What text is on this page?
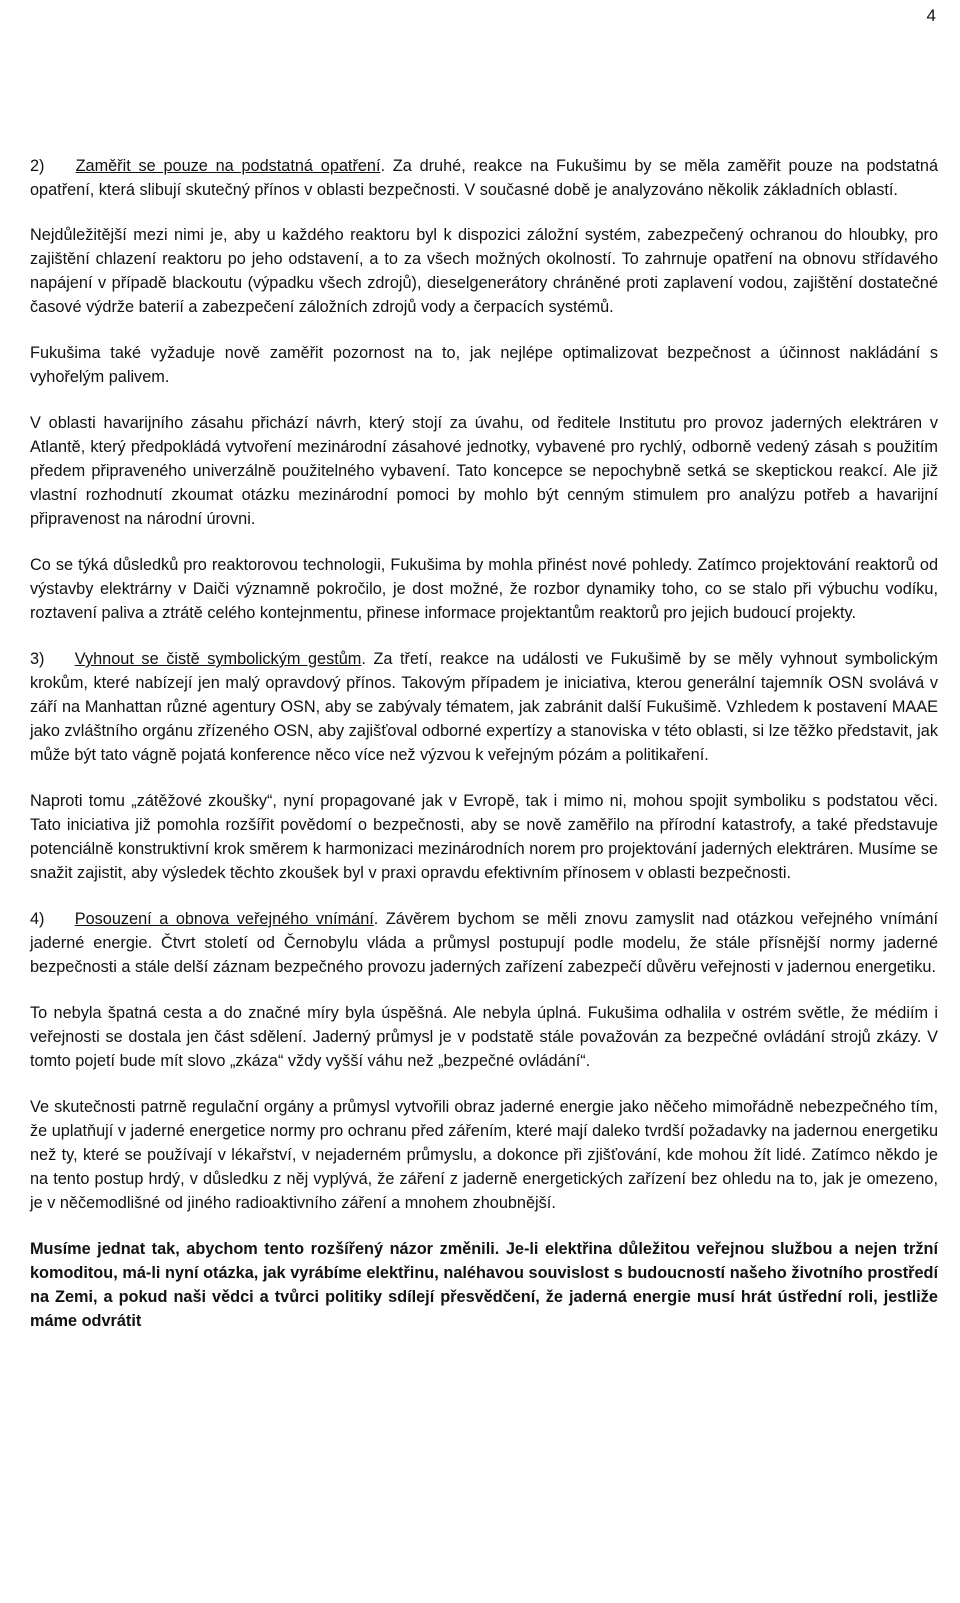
4

2) Zaměřit se pouze na podstatná opatření. Za druhé, reakce na Fukušimu by se měla zaměřit pouze na podstatná opatření, která slibují skutečný přínos v oblasti bezpečnosti. V současné době je analyzováno několik základních oblastí.

Nejdůležitější mezi nimi je, aby u každého reaktoru byl k dispozici záložní systém, zabezpečený ochranou do hloubky, pro zajištění chlazení reaktoru po jeho odstavení, a to za všech možných okolností. To zahrnuje opatření na obnovu střídavého napájení v případě blackoutu (výpadku všech zdrojů), dieselgenerátory chráněné proti zaplavení vodou, zajištění dostatečné časové výdrže baterií a zabezpečení záložních zdrojů vody a čerpacích systémů.

Fukušima také vyžaduje nově zaměřit pozornost na to, jak nejlépe optimalizovat bezpečnost a účinnost nakládání s vyhořelým palivem.

V oblasti havarijního zásahu přichází návrh, který stojí za úvahu, od ředitele Institutu pro provoz jaderných elektráren v Atlantě, který předpokládá vytvoření mezinárodní zásahové jednotky, vybavené pro rychlý, odborně vedený zásah s použitím předem připraveného univerzálně použitelného vybavení. Tato koncepce se nepochybně setká se skeptickou reakcí. Ale již vlastní rozhodnutí zkoumat otázku mezinárodní pomoci by mohlo být cenným stimulem pro analýzu potřeb a havarijní připravenost na národní úrovni.

Co se týká důsledků pro reaktorovou technologii, Fukušima by mohla přinést nové pohledy. Zatímco projektování reaktorů od výstavby elektrárny v Daiči významně pokročilo, je dost možné, že rozbor dynamiky toho, co se stalo při výbuchu vodíku, roztavení paliva a ztrátě celého kontejnmentu, přinese informace projektantům reaktorů pro jejich budoucí projekty.

3) Vyhnout se čistě symbolickým gestům. Za třetí, reakce na události ve Fukušimě by se měly vyhnout symbolickým krokům, které nabízejí jen malý opravdový přínos. Takovým případem je iniciativa, kterou generální tajemník OSN svolává v září na Manhattan různé agentury OSN, aby se zabývaly tématem, jak zabránit další Fukušimě. Vzhledem k postavení MAAE jako zvláštního orgánu zřízeného OSN, aby zajišťoval odborné expertízy a stanoviska v této oblasti, si lze těžko představit, jak může být tato vágně pojatá konference něco více než výzvou k veřejným pózám a politikaření.

Naproti tomu „zátěžové zkoušky“, nyní propagované jak v Evropě, tak i mimo ni, mohou spojit symboliku s podstatou věci. Tato iniciativa již pomohla rozšířit povědomí o bezpečnosti, aby se nově zaměřilo na přírodní katastrofy, a také představuje potenciálně konstruktivní krok směrem k harmonizaci mezinárodních norem pro projektování jaderných elektráren. Musíme se snažit zajistit, aby výsledek těchto zkoušek byl v praxi opravdu efektivním přínosem v oblasti bezpečnosti.

4) Posouzení a obnova veřejného vnímání. Závěrem bychom se měli znovu zamyslit nad otázkou veřejného vnímání jaderné energie. Čtvrt století od Černobylu vláda a průmysl postupují podle modelu, že stále přísnější normy jaderné bezpečnosti a stále delší záznam bezpečného provozu jaderných zařízení zabezpečí důvěru veřejnosti v jadernou energetiku.

To nebyla špatná cesta a do značné míry byla úspěšná. Ale nebyla úplná. Fukušima odhalila v ostrém světle, že médiím i veřejnosti se dostala jen část sdělení. Jaderný průmysl je v podstatě stále považován za bezpečné ovládání strojů zkázy. V tomto pojetí bude mít slovo „zkáza“ vždy vyšší váhu než „bezpečné ovládání“.

Ve skutečnosti patrně regulační orgány a průmysl vytvořili obraz jaderné energie jako něčeho mimořádně nebezpečného tím, že uplatňují v jaderné energetice normy pro ochranu před zářením, které mají daleko tvrdší požadavky na jadernou energetiku než ty, které se používají v lékařství, v nejaderném průmyslu, a dokonce při zjišťování, kde mohou žít lidé. Zatímco někdo je na tento postup hrdý, v důsledku z něj vyplývá, že záření z jaderně energetických zařízení bez ohledu na to, jak je omezeno, je v něčemodlišné od jiného radioaktivního záření a mnohem zhoubnější.

Musíme jednat tak, abychom tento rozšířený názor změnili. Je-li elektřina důležitou veřejnou službou a nejen tržní komoditou, má-li nyní otázka, jak vyrábíme elektřinu, naléhavou souvislost s budoucností našeho životního prostředí na Zemi, a pokud naši vědci a tvůrci politiky sdílejí přesvědčení, že jaderná energie musí hrát ústřední roli, jestliže máme odvrátit
